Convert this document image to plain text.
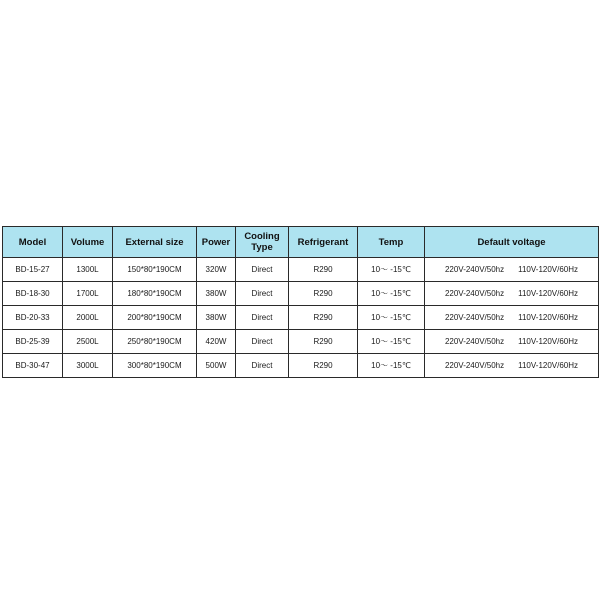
Model	Volume	External size	Power	Cooling Type	Refrigerant	Temp	Default voltage
BD-15-27	1300L	150*80*190CM	320W	Direct	R290	10～ -15℃	220V-240V/50hz 110V-120V/60Hz
BD-18-30	1700L	180*80*190CM	380W	Direct	R290	10～ -15℃	220V-240V/50hz 110V-120V/60Hz
BD-20-33	2000L	200*80*190CM	380W	Direct	R290	10～ -15℃	220V-240V/50hz 110V-120V/60Hz
BD-25-39	2500L	250*80*190CM	420W	Direct	R290	10～ -15℃	220V-240V/50hz 110V-120V/60Hz
BD-30-47	3000L	300*80*190CM	500W	Direct	R290	10～ -15℃	220V-240V/50hz 110V-120V/60Hz
